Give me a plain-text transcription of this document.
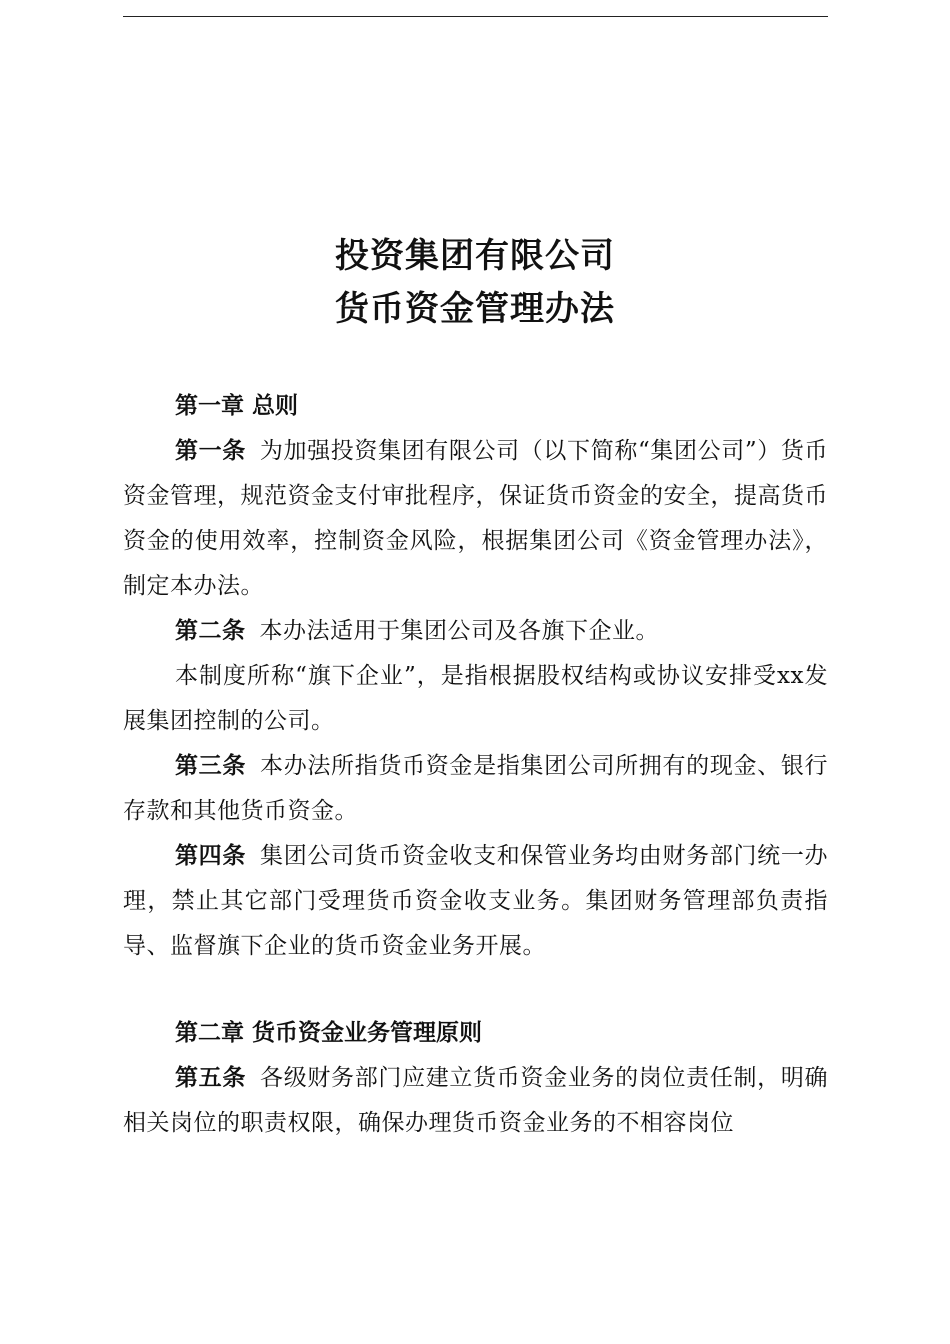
投资集团有限公司
货币资金管理办法

第一章 总则

第一条 为加强投资集团有限公司（以下简称“集团公司”）货币资金管理，规范资金支付审批程序，保证货币资金的安全，提高货币资金的使用效率，控制资金风险，根据集团公司《资金管理办法》，制定本办法。

第二条 本办法适用于集团公司及各旗下企业。

本制度所称“旗下企业”，是指根据股权结构或协议安排受xx发展集团控制的公司。

第三条 本办法所指货币资金是指集团公司所拥有的现金、银行存款和其他货币资金。

第四条 集团公司货币资金收支和保管业务均由财务部门统一办理，禁止其它部门受理货币资金收支业务。集团财务管理部负责指导、监督旗下企业的货币资金业务开展。

第二章 货币资金业务管理原则

第五条 各级财务部门应建立货币资金业务的岗位责任制，明确相关岗位的职责权限，确保办理货币资金业务的不相容岗位
